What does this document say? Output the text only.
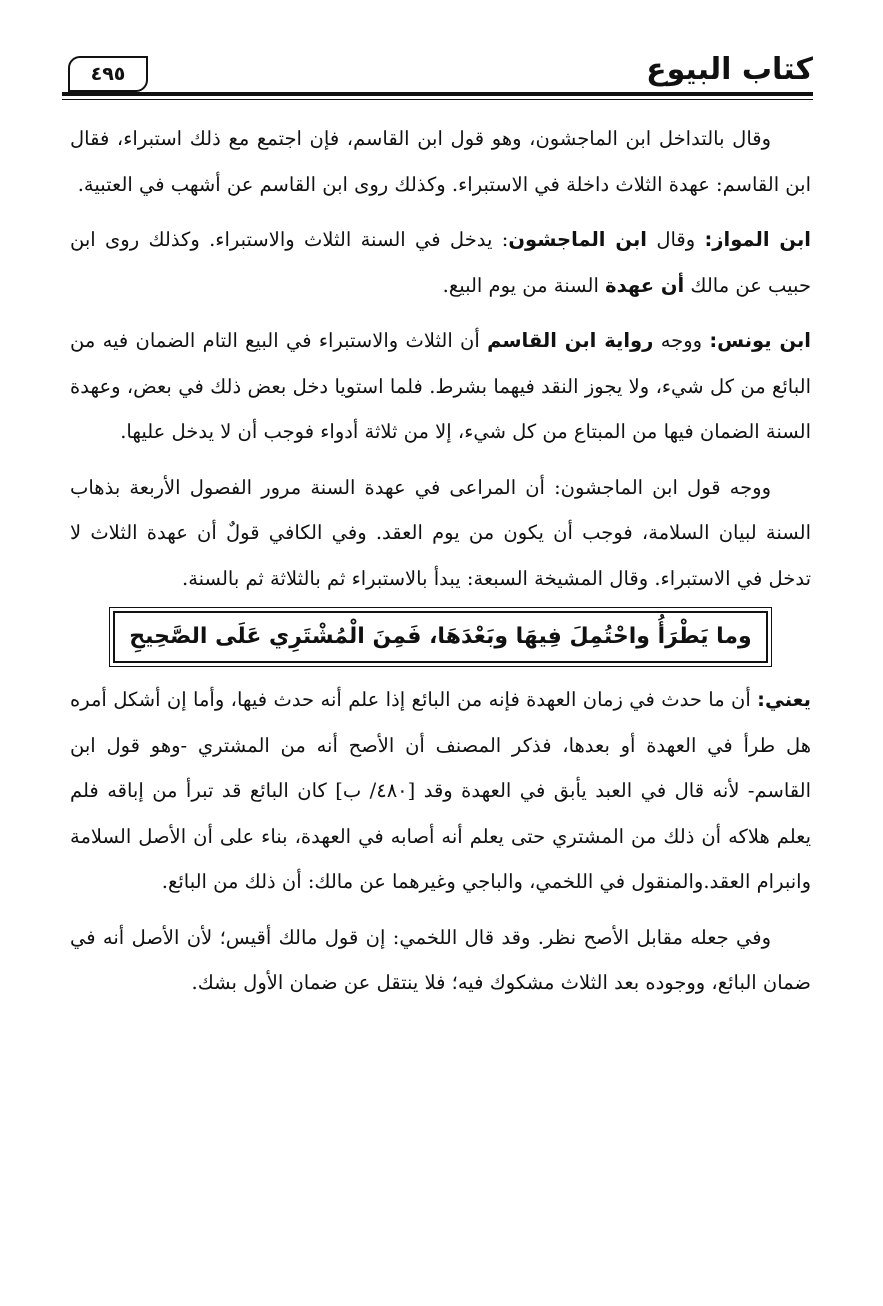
كتاب البيوع
٤٩٥

وقال بالتداخل ابن الماجشون، وهو قول ابن القاسم، فإن اجتمع مع ذلك استبراء، فقال ابن القاسم: عهدة الثلاث داخلة في الاستبراء. وكذلك روى ابن القاسم عن أشهب في العتبية.

ابن المواز: وقال ابن الماجشون: يدخل في السنة الثلاث والاستبراء. وكذلك روى ابن حبيب عن مالك أن عهدة السنة من يوم البيع.

ابن يونس: ووجه رواية ابن القاسم أن الثلاث والاستبراء في البيع التام الضمان فيه من البائع من كل شيء، ولا يجوز النقد فيهما بشرط. فلما استويا دخل بعض ذلك في بعض، وعهدة السنة الضمان فيها من المبتاع من كل شيء، إلا من ثلاثة أدواء فوجب أن لا يدخل عليها.

ووجه قول ابن الماجشون: أن المراعى في عهدة السنة مرور الفصول الأربعة بذهاب السنة لبيان السلامة، فوجب أن يكون من يوم العقد. وفي الكافي قولٌ أن عهدة الثلاث لا تدخل في الاستبراء. وقال المشيخة السبعة: يبدأ بالاستبراء ثم بالثلاثة ثم بالسنة.

وما يَطْرَأُ واحْتُمِلَ فِيهَا وبَعْدَهَا، فَمِنَ الْمُشْتَرِي عَلَى الصَّحِيحِ

يعني: أن ما حدث في زمان العهدة فإنه من البائع إذا علم أنه حدث فيها، وأما إن أشكل أمره هل طرأ في العهدة أو بعدها، فذكر المصنف أن الأصح أنه من المشتري -وهو قول ابن القاسم- لأنه قال في العبد يأبق في العهدة وقد [٤٨٠/ ب] كان البائع قد تبرأ من إباقه فلم يعلم هلاكه أن ذلك من المشتري حتى يعلم أنه أصابه في العهدة، بناء على أن الأصل السلامة وانبرام العقد.والمنقول في اللخمي، والباجي وغيرهما عن مالك: أن ذلك من البائع.

وفي جعله مقابل الأصح نظر. وقد قال اللخمي: إن قول مالك أقيس؛ لأن الأصل أنه في ضمان البائع، ووجوده بعد الثلاث مشكوك فيه؛ فلا ينتقل عن ضمان الأول بشك.
